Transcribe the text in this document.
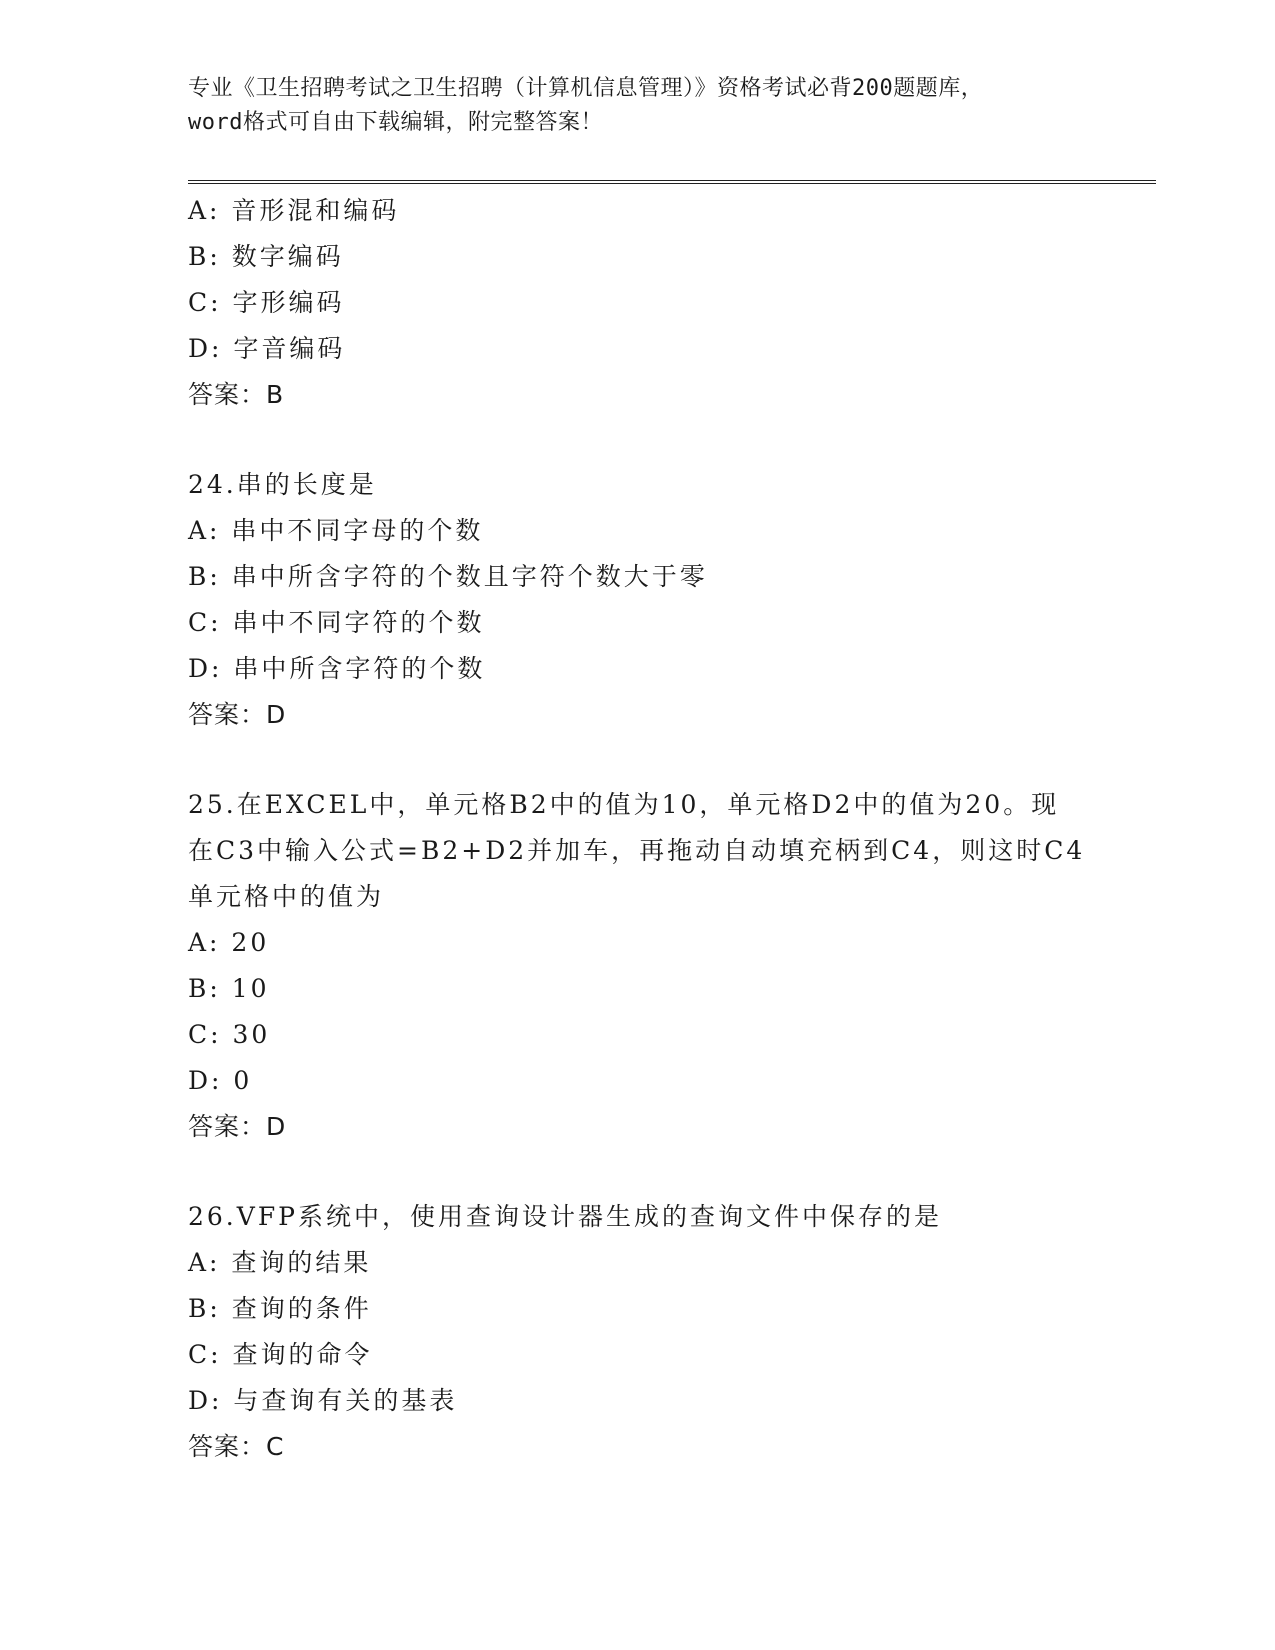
专业《卫生招聘考试之卫生招聘（计算机信息管理）》资格考试必背200题题库，
word格式可自由下载编辑，附完整答案！
A: 音形混和编码
B: 数字编码
C: 字形编码
D: 字音编码
答案：B
24.串的长度是
A: 串中不同字母的个数
B: 串中所含字符的个数且字符个数大于零
C: 串中不同字符的个数
D: 串中所含字符的个数
答案：D
25.在EXCEL中，单元格B2中的值为10，单元格D2中的值为20。现
在C3中输入公式=B2+D2并加车，再拖动自动填充柄到C4，则这时C4
单元格中的值为
A: 20
B: 10
C: 30
D: 0
答案：D
26.VFP系统中，使用查询设计器生成的查询文件中保存的是
A: 查询的结果
B: 查询的条件
C: 查询的命令
D: 与查询有关的基表
答案：C
